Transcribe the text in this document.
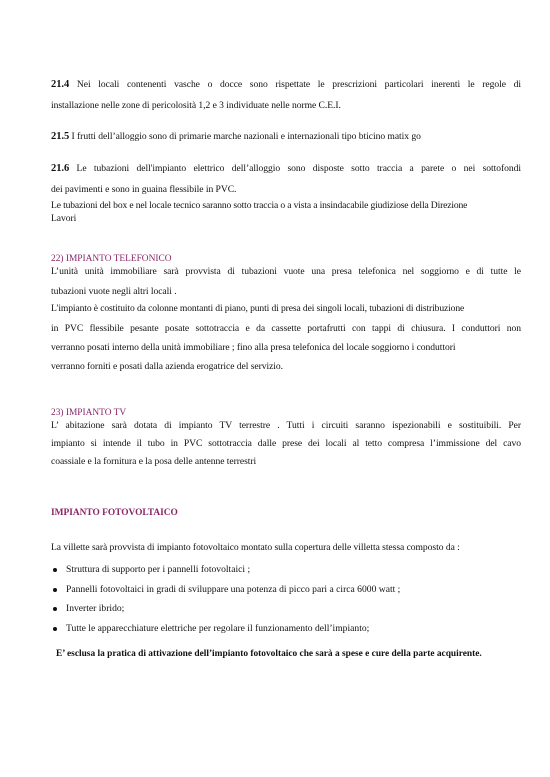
21.4 Nei locali contenenti vasche o docce sono rispettate le prescrizioni particolari inerenti le regole di
installazione nelle zone di pericolosità 1,2 e 3 individuate nelle norme C.E.I.
21.5 I frutti dell’alloggio sono di primarie marche nazionali e internazionali tipo bticino matix go
21.6 Le tubazioni dell'impianto elettrico dell’alloggio sono disposte sotto traccia a parete o nei sottofondi
dei pavimenti e sono in guaina flessibile in PVC.
Le tubazioni del box e nel locale tecnico saranno sotto traccia o a vista a insindacabile giudiziose della Direzione
Lavori
22) IMPIANTO TELEFONICO
L’unità unità immobiliare sarà provvista di tubazioni vuote una presa telefonica nel soggiorno e di tutte le
tubazioni vuote negli altri locali .
L'impianto è costituito da colonne montanti di piano, punti di presa dei singoli locali, tubazioni di distribuzione
in PVC flessibile pesante posate sottotraccia e da cassette portafrutti con tappi di chiusura. I conduttori non
verranno posati interno della unità immobiliare ; fino alla presa telefonica del locale soggiorno i conduttori
verranno forniti e posati dalla azienda erogatrice del servizio.
23) IMPIANTO TV
L’ abitazione sarà dotata di impianto TV terrestre . Tutti i circuiti saranno ispezionabili e sostituibili. Per
impianto si intende il tubo in PVC sottotraccia dalle prese dei locali al tetto compresa l’immissione del cavo
coassiale e la fornitura e la posa delle antenne terrestri
IMPIANTO FOTOVOLTAICO
La villette sarà provvista di impianto fotovoltaico montato sulla copertura delle villetta stessa composto da :
Struttura di supporto per i pannelli fotovoltaici ;
Pannelli fotovoltaici in gradi di sviluppare una potenza di picco pari a circa 6000 watt ;
Inverter ibrido;
Tutte le apparecchiature elettriche per regolare il funzionamento dell’impianto;
E’ esclusa la pratica di attivazione dell’impianto fotovoltaico che sarà a spese e cure della parte acquirente.
